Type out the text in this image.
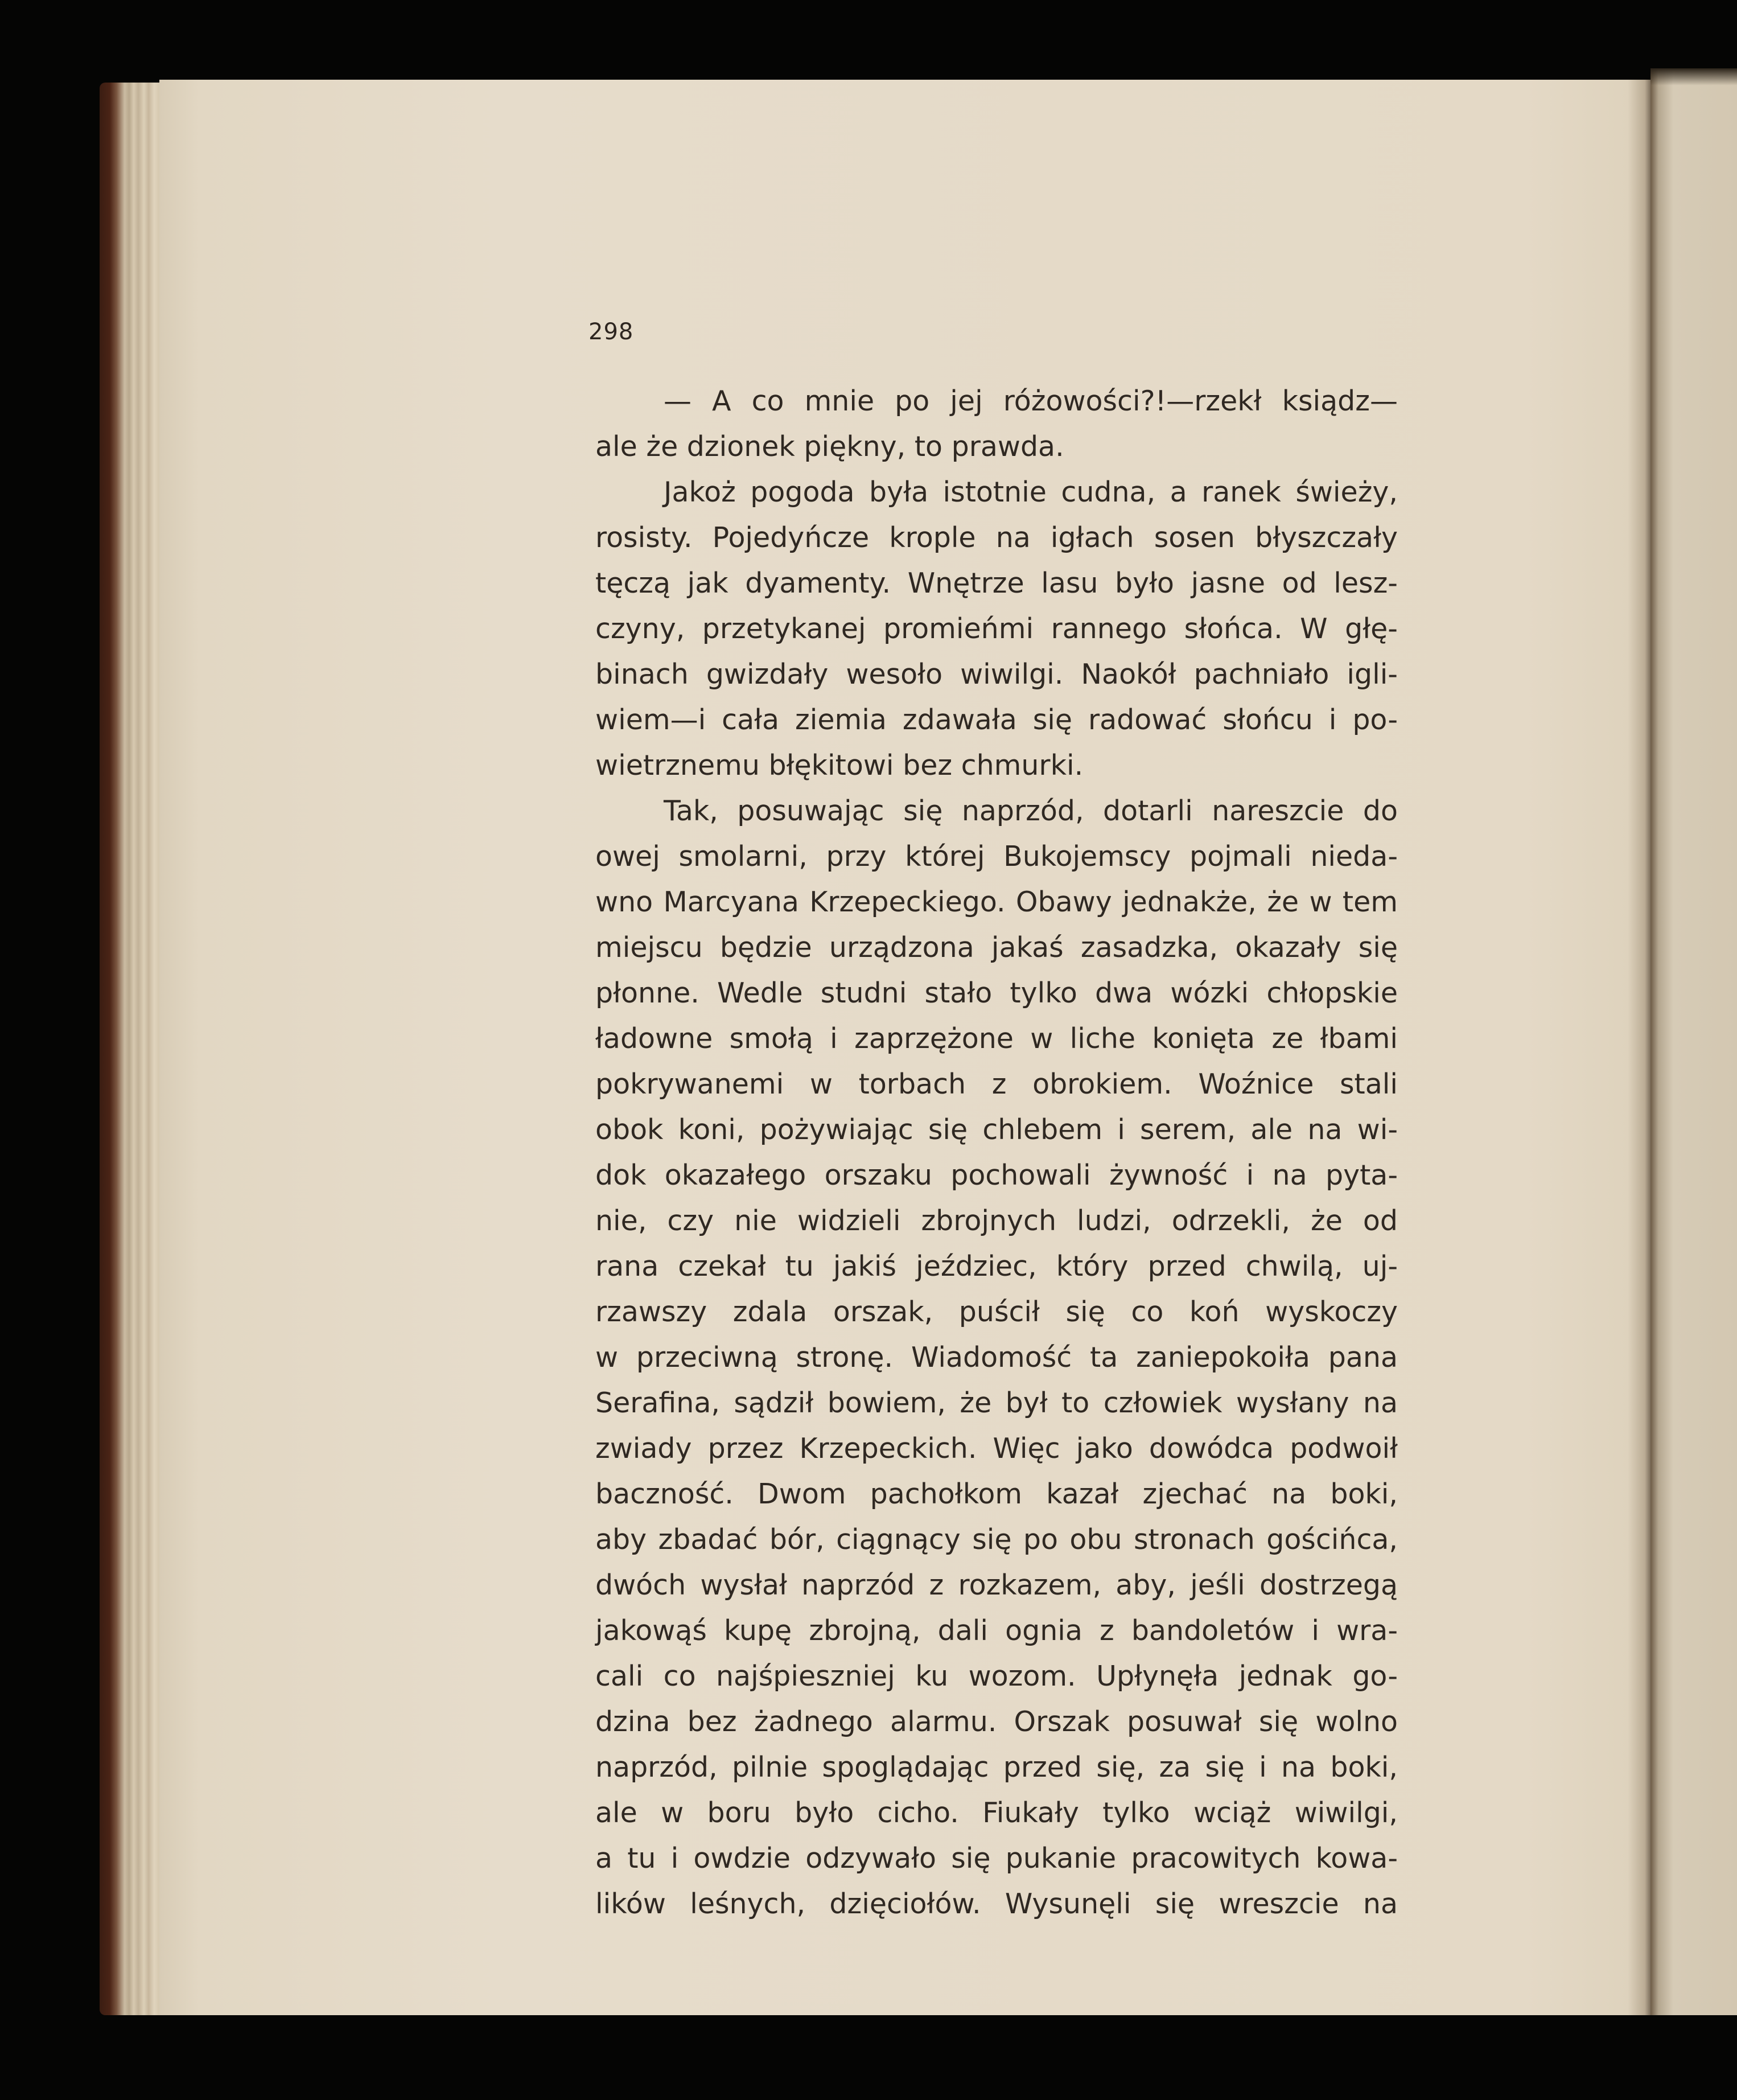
298
— A co mnie po jej różowości?!—rzekł ksiądz—
ale że dzionek piękny, to prawda.
Jakoż pogoda była istotnie cudna, a ranek świeży,
rosisty. Pojedyńcze krople na igłach sosen błyszczały
tęczą jak dyamenty. Wnętrze lasu było jasne od lesz-
czyny, przetykanej promieńmi rannego słońca. W głę-
binach gwizdały wesoło wiwilgi. Naokół pachniało igli-
wiem—i cała ziemia zdawała się radować słońcu i po-
wietrznemu błękitowi bez chmurki.
Tak, posuwając się naprzód, dotarli nareszcie do
owej smolarni, przy której Bukojemscy pojmali nieda-
wno Marcyana Krzepeckiego. Obawy jednakże, że w tem
miejscu będzie urządzona jakaś zasadzka, okazały się
płonne. Wedle studni stało tylko dwa wózki chłopskie
ładowne smołą i zaprzężone w liche konięta ze łbami
pokrywanemi w torbach z obrokiem. Woźnice stali
obok koni, pożywiając się chlebem i serem, ale na wi-
dok okazałego orszaku pochowali żywność i na pyta-
nie, czy nie widzieli zbrojnych ludzi, odrzekli, że od
rana czekał tu jakiś jeździec, który przed chwilą, uj-
rzawszy zdala orszak, puścił się co koń wyskoczy
w przeciwną stronę. Wiadomość ta zaniepokoiła pana
Serafina, sądził bowiem, że był to człowiek wysłany na
zwiady przez Krzepeckich. Więc jako dowódca podwoił
baczność. Dwom pachołkom kazał zjechać na boki,
aby zbadać bór, ciągnący się po obu stronach gościńca,
dwóch wysłał naprzód z rozkazem, aby, jeśli dostrzegą
jakowąś kupę zbrojną, dali ognia z bandoletów i wra-
cali co najśpieszniej ku wozom. Upłynęła jednak go-
dzina bez żadnego alarmu. Orszak posuwał się wolno
naprzód, pilnie spoglądając przed się, za się i na boki,
ale w boru było cicho. Fiukały tylko wciąż wiwilgi,
a tu i owdzie odzywało się pukanie pracowitych kowa-
lików leśnych, dzięciołów. Wysunęli się wreszcie na
